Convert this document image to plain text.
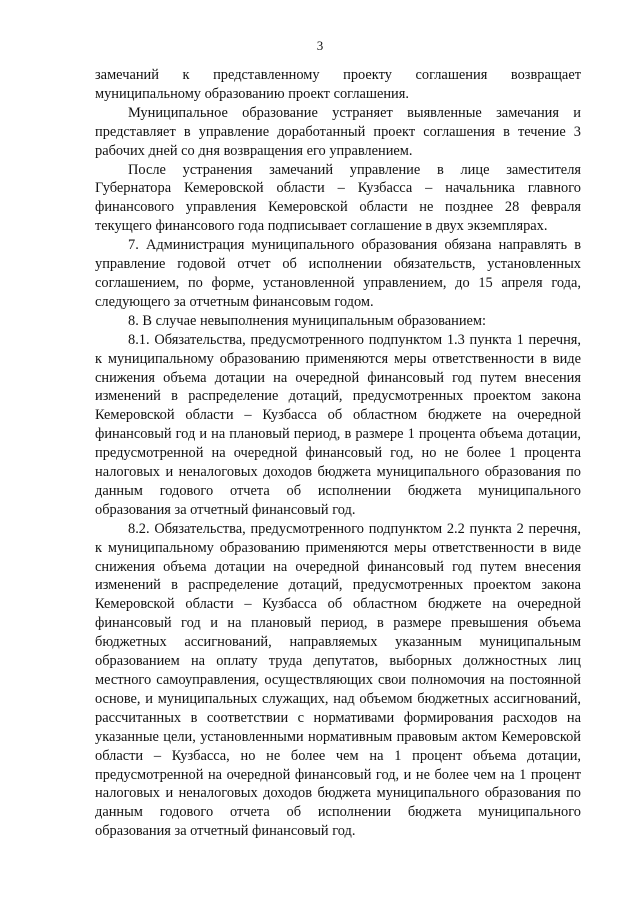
3

замечаний к представленному проекту соглашения возвращает муниципальному образованию проект соглашения.

Муниципальное образование устраняет выявленные замечания и представляет в управление доработанный проект соглашения в течение 3 рабочих дней со дня возвращения его управлением.

После устранения замечаний управление в лице заместителя Губернатора Кемеровской области – Кузбасса – начальника главного финансового управления Кемеровской области не позднее 28 февраля текущего финансового года подписывает соглашение в двух экземплярах.

7. Администрация муниципального образования обязана направлять в управление годовой отчет об исполнении обязательств, установленных соглашением, по форме, установленной управлением, до 15 апреля года, следующего за отчетным финансовым годом.

8. В случае невыполнения муниципальным образованием:

8.1. Обязательства, предусмотренного подпунктом 1.3 пункта 1 перечня, к муниципальному образованию применяются меры ответственности в виде снижения объема дотации на очередной финансовый год путем внесения изменений в распределение дотаций, предусмотренных проектом закона Кемеровской области – Кузбасса об областном бюджете на очередной финансовый год и на плановый период, в размере 1 процента объема дотации, предусмотренной на очередной финансовый год, но не более 1 процента налоговых и неналоговых доходов бюджета муниципального образования по данным годового отчета об исполнении бюджета муниципального образования за отчетный финансовый год.

8.2. Обязательства, предусмотренного подпунктом 2.2 пункта 2 перечня, к муниципальному образованию применяются меры ответственности в виде снижения объема дотации на очередной финансовый год путем внесения изменений в распределение дотаций, предусмотренных проектом закона Кемеровской области – Кузбасса об областном бюджете на очередной финансовый год и на плановый период, в размере превышения объема бюджетных ассигнований, направляемых указанным муниципальным образованием на оплату труда депутатов, выборных должностных лиц местного самоуправления, осуществляющих свои полномочия на постоянной основе, и муниципальных служащих, над объемом бюджетных ассигнований, рассчитанных в соответствии с нормативами формирования расходов на указанные цели, установленными нормативным правовым актом Кемеровской области – Кузбасса, но не более чем на 1 процент объема дотации, предусмотренной на очередной финансовый год, и не более чем на 1 процент налоговых и неналоговых доходов бюджета муниципального образования по данным годового отчета об исполнении бюджета муниципального образования за отчетный финансовый год.
